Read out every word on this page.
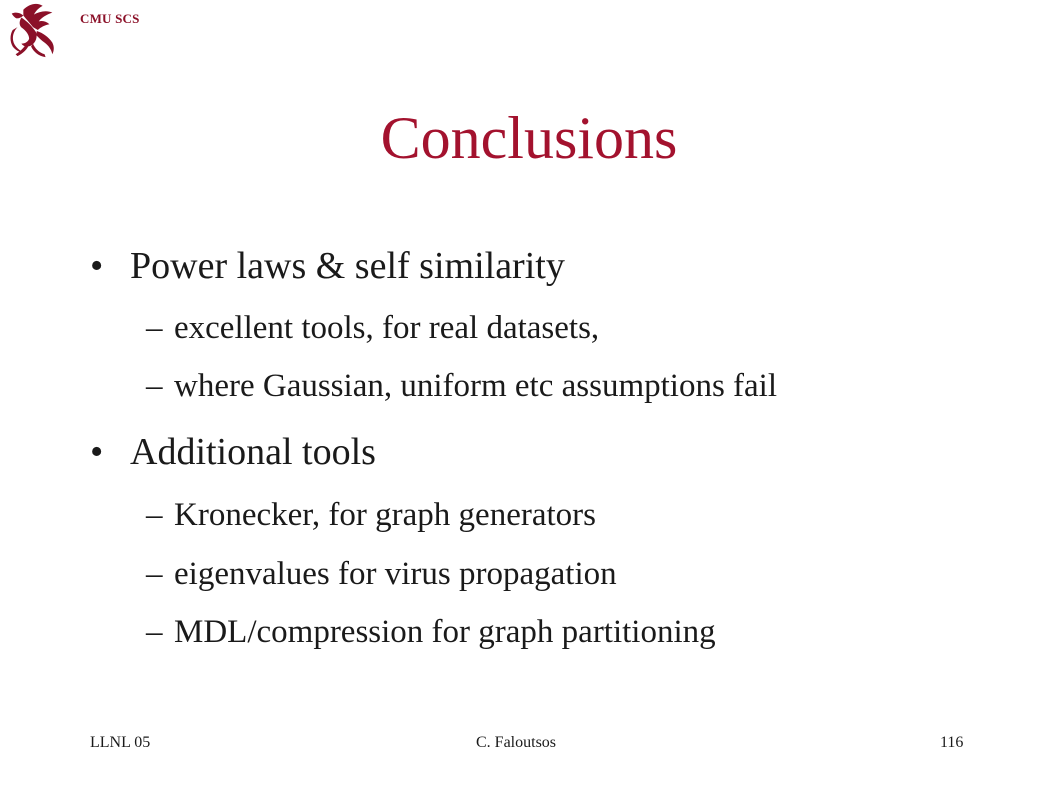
CMU SCS
Conclusions
• Power laws & self similarity
– excellent tools, for real datasets,
– where Gaussian, uniform etc assumptions fail
• Additional tools
– Kronecker, for graph generators
– eigenvalues for virus propagation
– MDL/compression for graph partitioning
LLNL 05	C. Faloutsos	116
